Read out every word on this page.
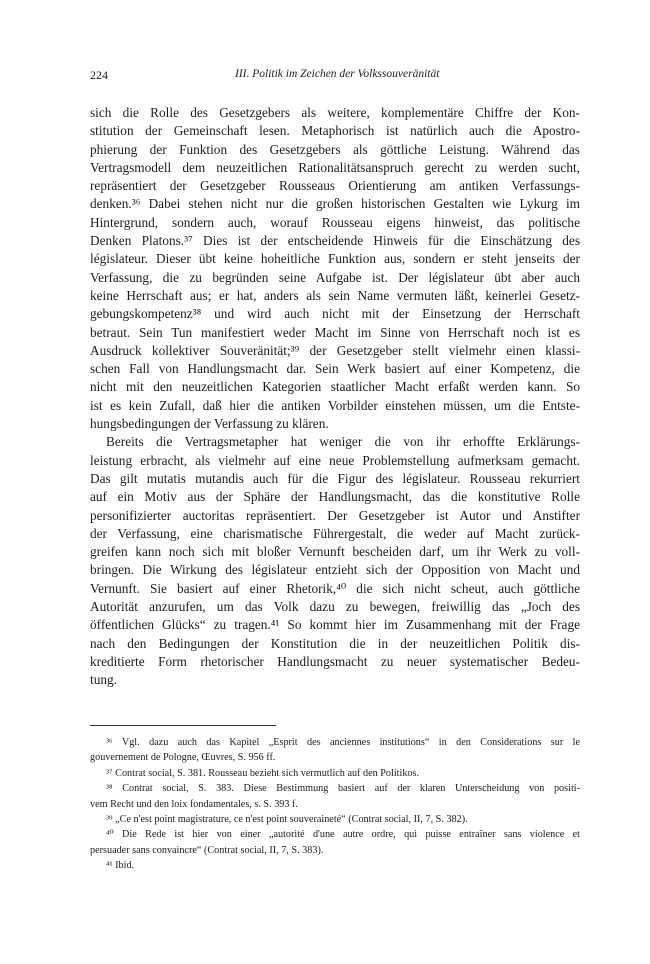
224	III. Politik im Zeichen der Volkssouveränität
sich die Rolle des Gesetzgebers als weitere, komplementäre Chiffre der Kon-
stitution der Gemeinschaft lesen. Metaphorisch ist natürlich auch die Apostro-
phierung der Funktion des Gesetzgebers als göttliche Leistung. Während das
Vertragsmodell dem neuzeitlichen Rationalitätsanspruch gerecht zu werden sucht,
repräsentiert der Gesetzgeber Rousseaus Orientierung am antiken Verfassungs-
denken.³⁶ Dabei stehen nicht nur die großen historischen Gestalten wie Lykurg im
Hintergrund, sondern auch, worauf Rousseau eigens hinweist, das politische
Denken Platons.³⁷ Dies ist der entscheidende Hinweis für die Einschätzung des
législateur. Dieser übt keine hoheitliche Funktion aus, sondern er steht jenseits der
Verfassung, die zu begründen seine Aufgabe ist. Der législateur übt aber auch
keine Herrschaft aus; er hat, anders als sein Name vermuten läßt, keinerlei Gesetz-
gebungskompetenz³⁸ und wird auch nicht mit der Einsetzung der Herrschaft
betraut. Sein Tun manifestiert weder Macht im Sinne von Herrschaft noch ist es
Ausdruck kollektiver Souveränität;³⁹ der Gesetzgeber stellt vielmehr einen klassi-
schen Fall von Handlungsmacht dar. Sein Werk basiert auf einer Kompetenz, die
nicht mit den neuzeitlichen Kategorien staatlicher Macht erfaßt werden kann. So
ist es kein Zufall, daß hier die antiken Vorbilder einstehen müssen, um die Entste-
hungsbedingungen der Verfassung zu klären.
Bereits die Vertragsmetapher hat weniger die von ihr erhoffte Erklärungs-
leistung erbracht, als vielmehr auf eine neue Problemstellung aufmerksam gemacht.
Das gilt mutatis mutandis auch für die Figur des législateur. Rousseau rekurriert
auf ein Motiv aus der Sphäre der Handlungsmacht, das die konstitutive Rolle
personifizierter auctoritas repräsentiert. Der Gesetzgeber ist Autor und Anstifter
der Verfassung, eine charismatische Führergestalt, die weder auf Macht zurück-
greifen kann noch sich mit bloßer Vernunft bescheiden darf, um ihr Werk zu voll-
bringen. Die Wirkung des législateur entzieht sich der Opposition von Macht und
Vernunft. Sie basiert auf einer Rhetorik,⁴⁰ die sich nicht scheut, auch göttliche
Autorität anzurufen, um das Volk dazu zu bewegen, freiwillig das „Joch des
öffentlichen Glücks“ zu tragen.⁴¹ So kommt hier im Zusammenhang mit der Frage
nach den Bedingungen der Konstitution die in der neuzeitlichen Politik dis-
kreditierte Form rhetorischer Handlungsmacht zu neuer systematischer Bedeu-
tung.
³⁶ Vgl. dazu auch das Kapitel „Esprit des anciennes institutions“ in den Considerations sur le
gouvernement de Pologne, Œuvres, S. 956 ff.
³⁷ Contrat social, S. 381. Rousseau bezieht sich vermutlich auf den Politikos.
³⁸ Contrat social, S. 383. Diese Bestimmung basiert auf der klaren Unterscheidung von positi-
vem Recht und den loix fondamentales, s. S. 393 f.
³⁹ „Ce n'est point magistrature, ce n'est point souveraineté“ (Contrat social, II, 7, S. 382).
⁴⁰ Die Rede ist hier von einer „autorité d'une autre ordre, qui puisse entraîner sans violence et
persuader sans convaincre“ (Contrat social, II, 7, S. 383).
⁴¹ Ibid.
